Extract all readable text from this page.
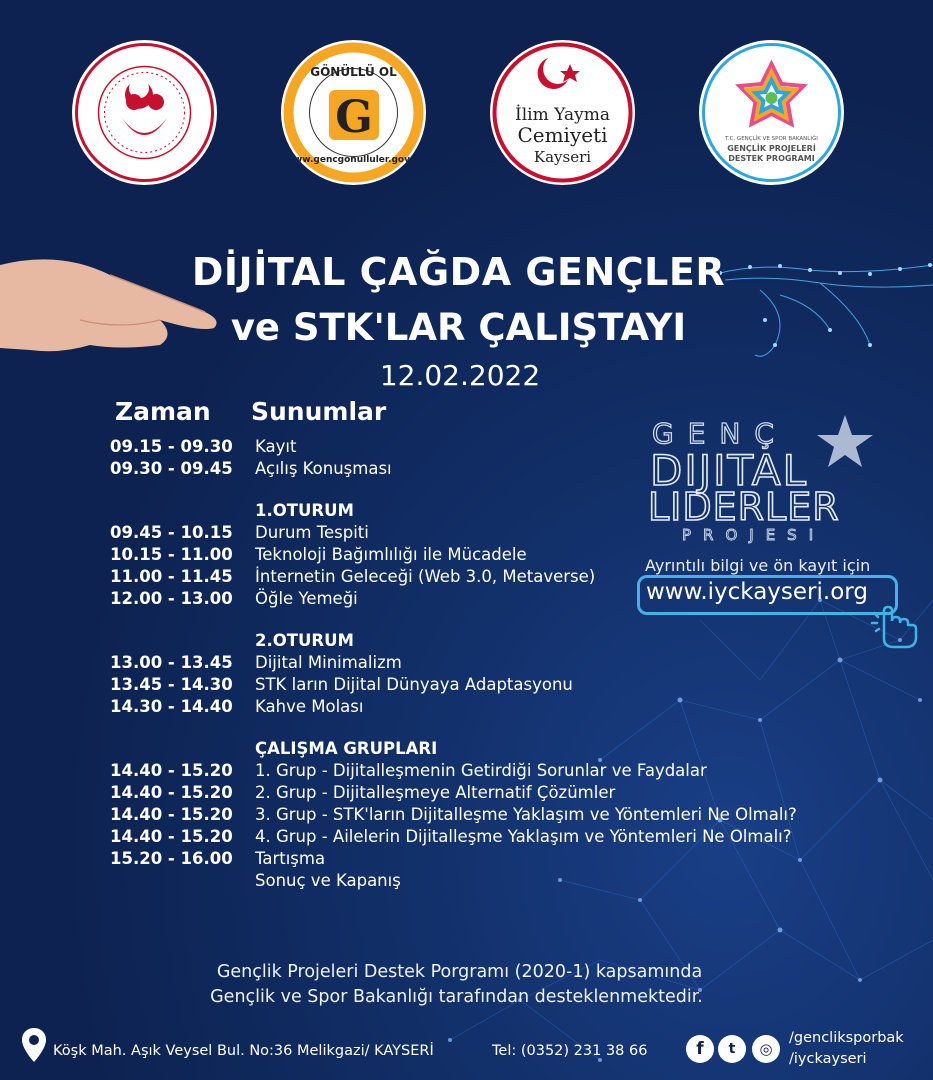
GÖNÜLLÜ OL
G
www.gencgonulluler.gov.tr
İlim Yayma
Cemiyeti
Kayseri
T.C. GENÇLİK VE SPOR BAKANLIĞI
GENÇLİK PROJELERİ
DESTEK PROGRAMI
DİJİTAL ÇAĞDA GENÇLER
ve STK'LAR ÇALIŞTAYI
12.02.2022
Zaman Sunumlar
09.15 - 09.30	Kayıt
09.30 - 09.45	Açılış Konuşması
1.OTURUM
09.45 - 10.15	Durum Tespiti
10.15 - 11.00	Teknoloji Bağımlılığı ile Mücadele
11.00 - 11.45	İnternetin Geleceği (Web 3.0, Metaverse)
12.00 - 13.00	Öğle Yemeği
2.OTURUM
13.00 - 13.45	Dijital Minimalizm
13.45 - 14.30	STK ların Dijital Dünyaya Adaptasyonu
14.30 - 14.40	Kahve Molası
ÇALIŞMA GRUPLARI
14.40 - 15.20	1. Grup - Dijitalleşmenin Getirdiği Sorunlar ve Faydalar
14.40 - 15.20	2. Grup - Dijitalleşmeye Alternatif Çözümler
14.40 - 15.20	3. Grup - STK'ların Dijitalleşme Yaklaşım ve Yöntemleri Ne Olmalı?
14.40 - 15.20	4. Grup - Ailelerin Dijitalleşme Yaklaşım ve Yöntemleri Ne Olmalı?
15.20 - 16.00	Tartışma
Sonuç ve Kapanış
GENÇ
DIJITAL
LIDERLER
PROJESI
Ayrıntılı bilgi ve ön kayıt için
www.iyckayseri.org
Gençlik Projeleri Destek Porgramı (2020-1) kapsamında
Gençlik ve Spor Bakanlığı tarafından desteklenmektedir.
Köşk Mah. Aşık Veysel Bul. No:36 Melikgazi/ KAYSERİ	Tel: (0352) 231 38 66	f	t	◎
/gencliksporbak
/iyckayseri
